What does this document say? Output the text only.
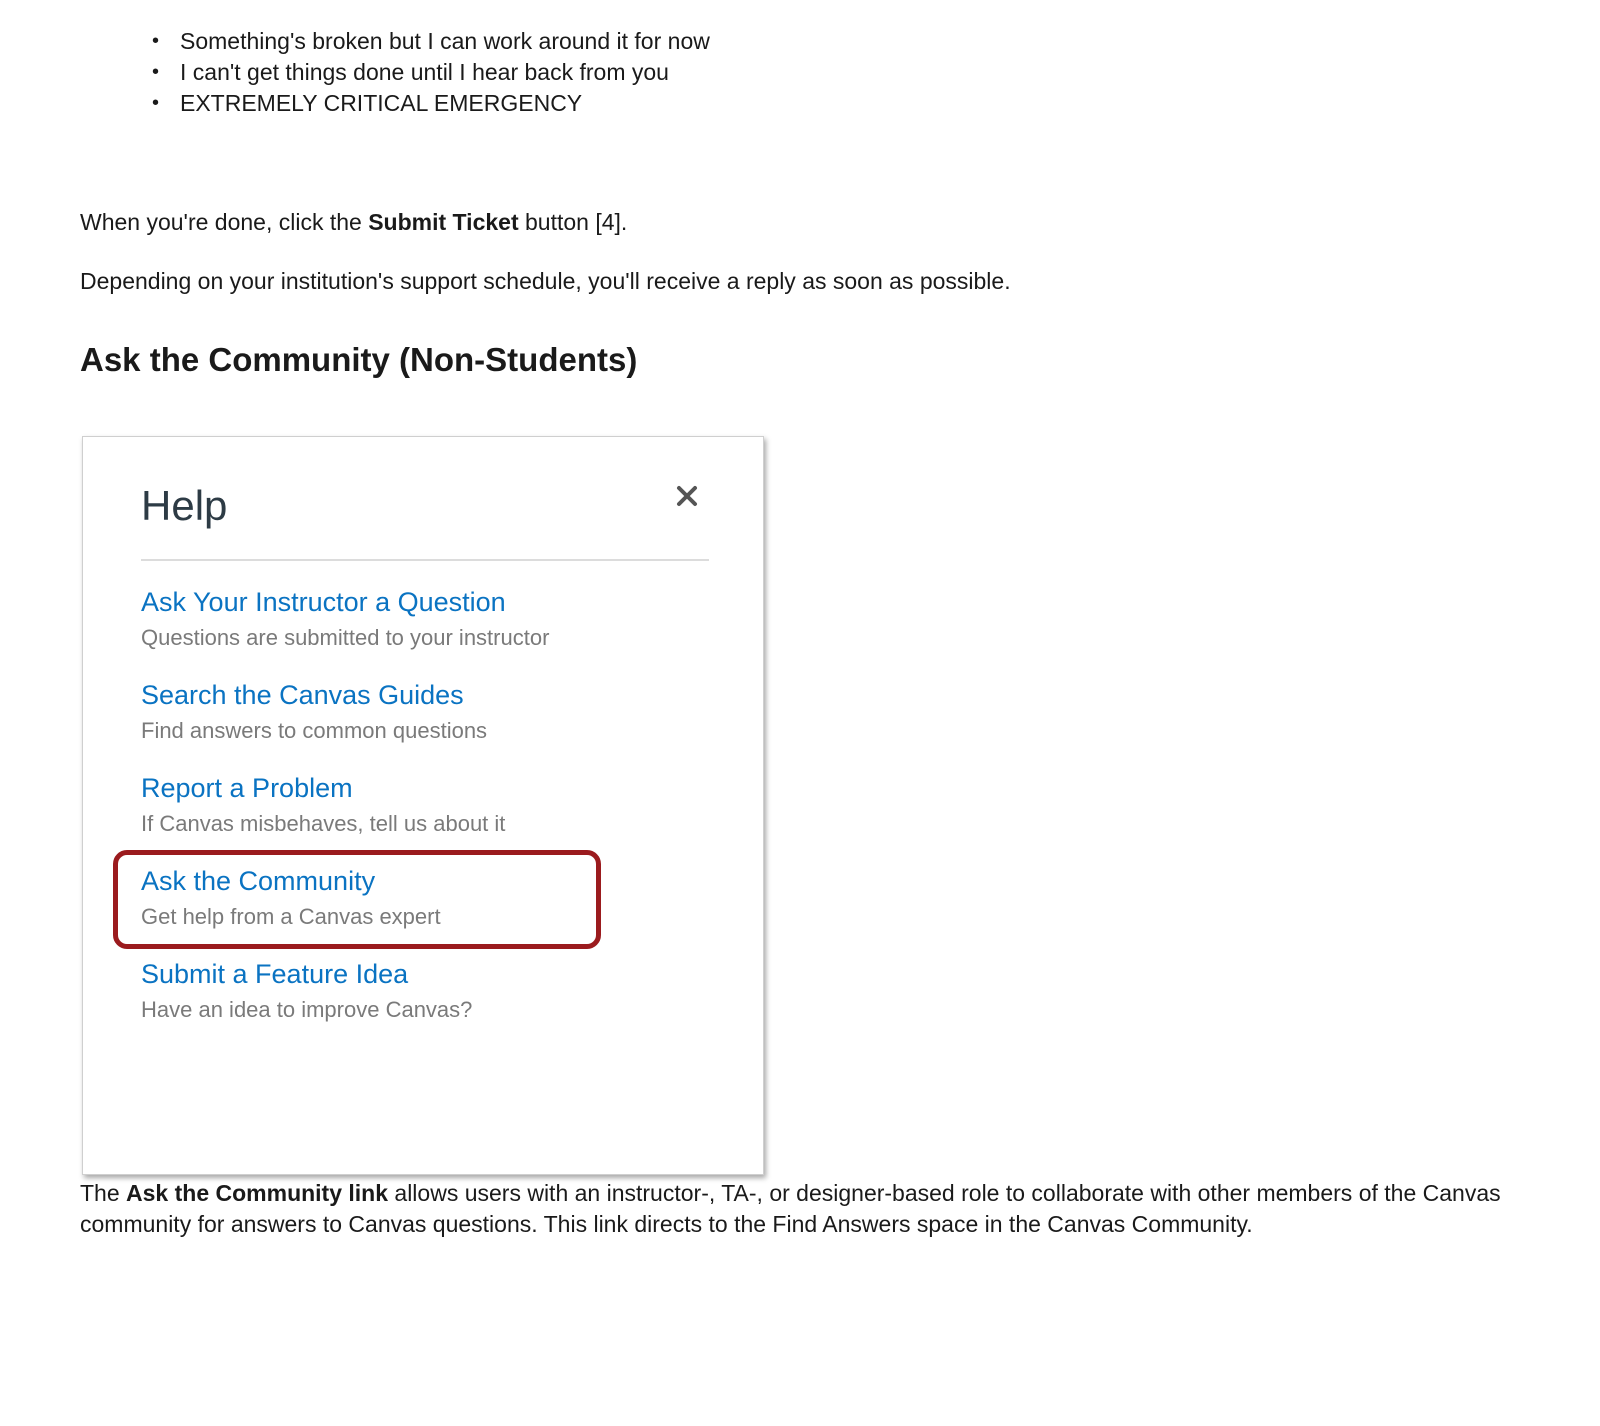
• Something's broken but I can work around it for now
• I can't get things done until I hear back from you
• EXTREMELY CRITICAL EMERGENCY

When you're done, click the Submit Ticket button [4].

Depending on your institution's support schedule, you'll receive a reply as soon as possible.

Ask the Community (Non-Students)
Help
Ask Your Instructor a Question
Questions are submitted to your instructor
Search the Canvas Guides
Find answers to common questions
Report a Problem
If Canvas misbehaves, tell us about it
Ask the Community
Get help from a Canvas expert
Submit a Feature Idea
Have an idea to improve Canvas?

The Ask the Community link allows users with an instructor-, TA-, or designer-based role to collaborate with other members of the Canvas community for answers to Canvas questions. This link directs to the Find Answers space in the Canvas Community.
